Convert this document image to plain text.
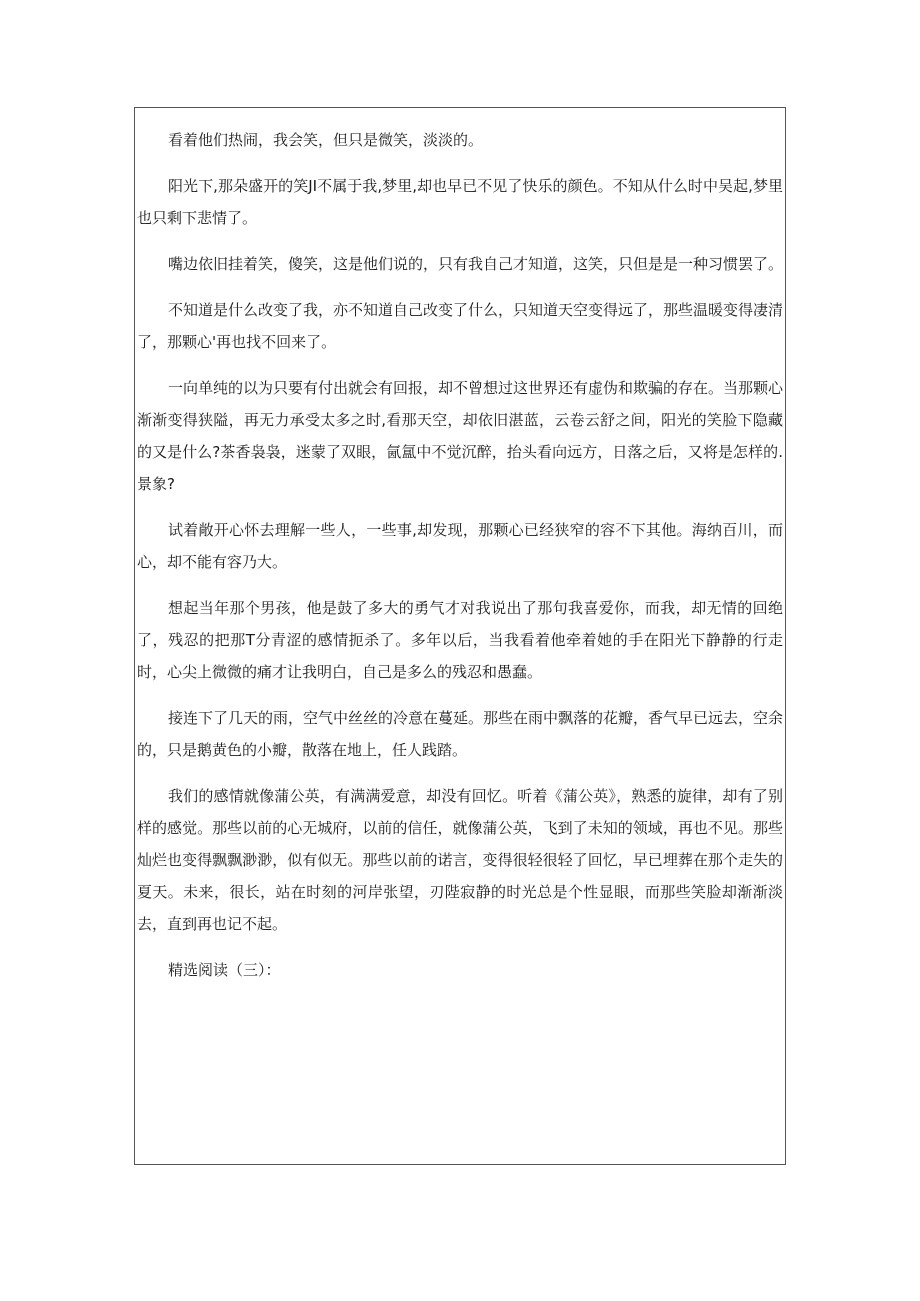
看着他们热闹，我会笑，但只是微笑，淡淡的。

阳光下,那朵盛开的笑JI不属于我,梦里,却也早已不见了快乐的颜色。不知从什么时中吴起,梦里也只剩下悲情了。

嘴边依旧挂着笑，傻笑，这是他们说的，只有我自己才知道，这笑，只但是是一种习惯罢了。

不知道是什么改变了我，亦不知道自己改变了什么，只知道天空变得远了，那些温暖变得凄清了，那颗心'再也找不回来了。

一向单纯的以为只要有付出就会有回报，却不曾想过这世界还有虚伪和欺骗的存在。当那颗心渐渐变得狭隘，再无力承受太多之时,看那天空，却依旧湛蓝，云卷云舒之间，阳光的笑脸下隐藏的又是什么?茶香袅袅，迷蒙了双眼，氤氲中不觉沉醉，抬头看向远方，日落之后，又将是怎样的.景象?

试着敞开心怀去理解一些人，一些事,却发现，那颗心已经狭窄的容不下其他。海纳百川，而心，却不能有容乃大。

想起当年那个男孩，他是鼓了多大的勇气才对我说出了那句我喜爱你，而我，却无情的回绝了，残忍的把那T分青涩的感情扼杀了。多年以后，当我看着他牵着她的手在阳光下静静的行走时，心尖上微微的痛才让我明白，自己是多么的残忍和愚蠢。

接连下了几天的雨，空气中丝丝的冷意在蔓延。那些在雨中飘落的花瓣，香气早已远去，空余的，只是鹅黄色的小瓣，散落在地上，任人践踏。

我们的感情就像蒲公英，有满满爱意，却没有回忆。听着《蒲公英》，熟悉的旋律，却有了别样的感觉。那些以前的心无城府，以前的信任，就像蒲公英，飞到了未知的领域，再也不见。那些灿烂也变得飘飘渺渺，似有似无。那些以前的诺言，变得很轻很轻了回忆，早已埋葬在那个走失的夏天。未来，很长，站在时刻的河岸张望，刃陛寂静的时光总是个性显眼，而那些笑脸却渐渐淡去，直到再也记不起。

精选阅读（三）：
